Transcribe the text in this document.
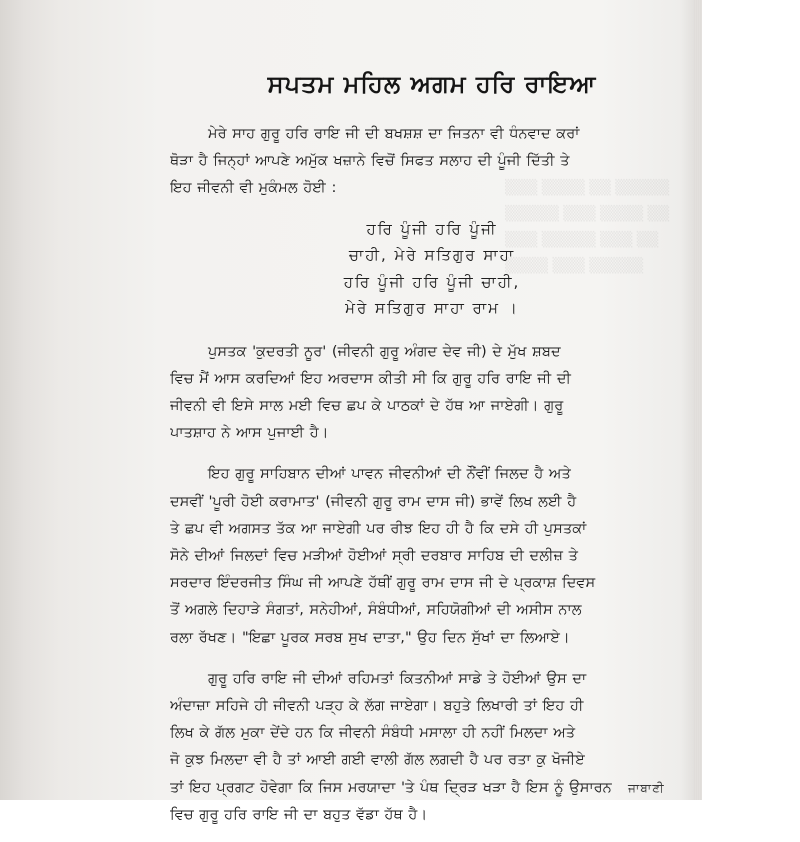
▒▒▒ ▒▒▒▒ ▒▒ ▒▒▒▒▒
▒▒▒▒▒ ▒▒▒ ▒▒▒▒ ▒▒
▒▒▒ ▒▒▒▒▒ ▒▒▒ ▒▒
▒▒▒▒ ▒▒▒ ▒▒▒▒▒
ਸਪਤਮ ਮਹਿਲ ਅਗਮ ਹਰਿ ਰਾਇਆ

ਮੇਰੇ ਸਾਹ ਗੁਰੂ ਹਰਿ ਰਾਇ ਜੀ ਦੀ ਬਖਸ਼ਸ਼ ਦਾ ਜਿਤਨਾ ਵੀ ਧੰਨਵਾਦ ਕਰਾਂ
ਥੋੜਾ ਹੈ ਜਿਨ੍ਹਾਂ ਆਪਣੇ ਅਮੁੱਕ ਖਜ਼ਾਨੇ ਵਿਚੋਂ ਸਿਫਤ ਸਲਾਹ ਦੀ ਪੂੰਜੀ ਦਿੱਤੀ ਤੇ
ਇਹ ਜੀਵਨੀ ਵੀ ਮੁਕੰਮਲ ਹੋਈ :

ਹਰਿ ਪੂੰਜੀ ਹਰਿ ਪੂੰਜੀ
ਚਾਹੀ, ਮੇਰੇ ਸਤਿਗੁਰ ਸਾਹਾ
ਹਰਿ ਪੂੰਜੀ ਹਰਿ ਪੂੰਜੀ ਚਾਹੀ,
ਮੇਰੇ ਸਤਿਗੁਰ ਸਾਹਾ ਰਾਮ ।

ਪੁਸਤਕ 'ਕੁਦਰਤੀ ਨੂਰ' (ਜੀਵਨੀ ਗੁਰੂ ਅੰਗਦ ਦੇਵ ਜੀ) ਦੇ ਮੁੱਖ ਸ਼ਬਦ
ਵਿਚ ਮੈਂ ਆਸ ਕਰਦਿਆਂ ਇਹ ਅਰਦਾਸ ਕੀਤੀ ਸੀ ਕਿ ਗੁਰੂ ਹਰਿ ਰਾਇ ਜੀ ਦੀ
ਜੀਵਨੀ ਵੀ ਇਸੇ ਸਾਲ ਮਈ ਵਿਚ ਛਪ ਕੇ ਪਾਠਕਾਂ ਦੇ ਹੱਥ ਆ ਜਾਏਗੀ। ਗੁਰੂ
ਪਾਤਸ਼ਾਹ ਨੇ ਆਸ ਪੁਜਾਈ ਹੈ।

ਇਹ ਗੁਰੂ ਸਾਹਿਬਾਨ ਦੀਆਂ ਪਾਵਨ ਜੀਵਨੀਆਂ ਦੀ ਨੌਂਵੀਂ ਜਿਲਦ ਹੈ ਅਤੇ
ਦਸਵੀਂ 'ਪੂਰੀ ਹੋਈ ਕਰਾਮਾਤ' (ਜੀਵਨੀ ਗੁਰੂ ਰਾਮ ਦਾਸ ਜੀ) ਭਾਵੇਂ ਲਿਖ ਲਈ ਹੈ
ਤੇ ਛਪ ਵੀ ਅਗਸਤ ਤੱਕ ਆ ਜਾਏਗੀ ਪਰ ਰੀਝ ਇਹ ਹੀ ਹੈ ਕਿ ਦਸੇ ਹੀ ਪੁਸਤਕਾਂ
ਸੋਨੇ ਦੀਆਂ ਜਿਲਦਾਂ ਵਿਚ ਮੜੀਆਂ ਹੋਈਆਂ ਸ੍ਰੀ ਦਰਬਾਰ ਸਾਹਿਬ ਦੀ ਦਲੀਜ਼ ਤੇ
ਸਰਦਾਰ ਇੰਦਰਜੀਤ ਸਿੰਘ ਜੀ ਆਪਣੇ ਹੱਥੀਂ ਗੁਰੂ ਰਾਮ ਦਾਸ ਜੀ ਦੇ ਪ੍ਰਕਾਸ਼ ਦਿਵਸ
ਤੋਂ ਅਗਲੇ ਦਿਹਾੜੇ ਸੰਗਤਾਂ, ਸਨੇਹੀਆਂ, ਸੰਬੰਧੀਆਂ, ਸਹਿਯੋਗੀਆਂ ਦੀ ਅਸੀਸ ਨਾਲ
ਰਲਾ ਰੱਖਣ। "ਇਛਾ ਪੂਰਕ ਸਰਬ ਸੁਖ ਦਾਤਾ," ਉਹ ਦਿਨ ਸੁੱਖਾਂ ਦਾ ਲਿਆਏ।

ਗੁਰੂ ਹਰਿ ਰਾਇ ਜੀ ਦੀਆਂ ਰਹਿਮਤਾਂ ਕਿਤਨੀਆਂ ਸਾਡੇ ਤੇ ਹੋਈਆਂ ਉਸ ਦਾ
ਅੰਦਾਜ਼ਾ ਸਹਿਜੇ ਹੀ ਜੀਵਨੀ ਪੜ੍ਹ ਕੇ ਲੱਗ ਜਾਏਗਾ। ਬਹੁਤੇ ਲਿਖਾਰੀ ਤਾਂ ਇਹ ਹੀ
ਲਿਖ ਕੇ ਗੱਲ ਮੁਕਾ ਦੇਂਦੇ ਹਨ ਕਿ ਜੀਵਨੀ ਸੰਬੰਧੀ ਮਸਾਲਾ ਹੀ ਨਹੀਂ ਮਿਲਦਾ ਅਤੇ
ਜੋ ਕੁਝ ਮਿਲਦਾ ਵੀ ਹੈ ਤਾਂ ਆਈ ਗਈ ਵਾਲੀ ਗੱਲ ਲਗਦੀ ਹੈ ਪਰ ਰਤਾ ਕੁ ਖੋਜੀਏ
ਤਾਂ ਇਹ ਪ੍ਰਗਟ ਹੋਵੇਗਾ ਕਿ ਜਿਸ ਮਰਯਾਦਾ 'ਤੇ ਪੰਥ ਦ੍ਰਿੜ ਖੜਾ ਹੈ ਇਸ ਨੂੰ ਉਸਾਰਨ
ਵਿਚ ਗੁਰੂ ਹਰਿ ਰਾਇ ਜੀ ਦਾ ਬਹੁਤ ਵੱਡਾ ਹੱਥ ਹੈ।

ਜਾਬਾਣੀ
